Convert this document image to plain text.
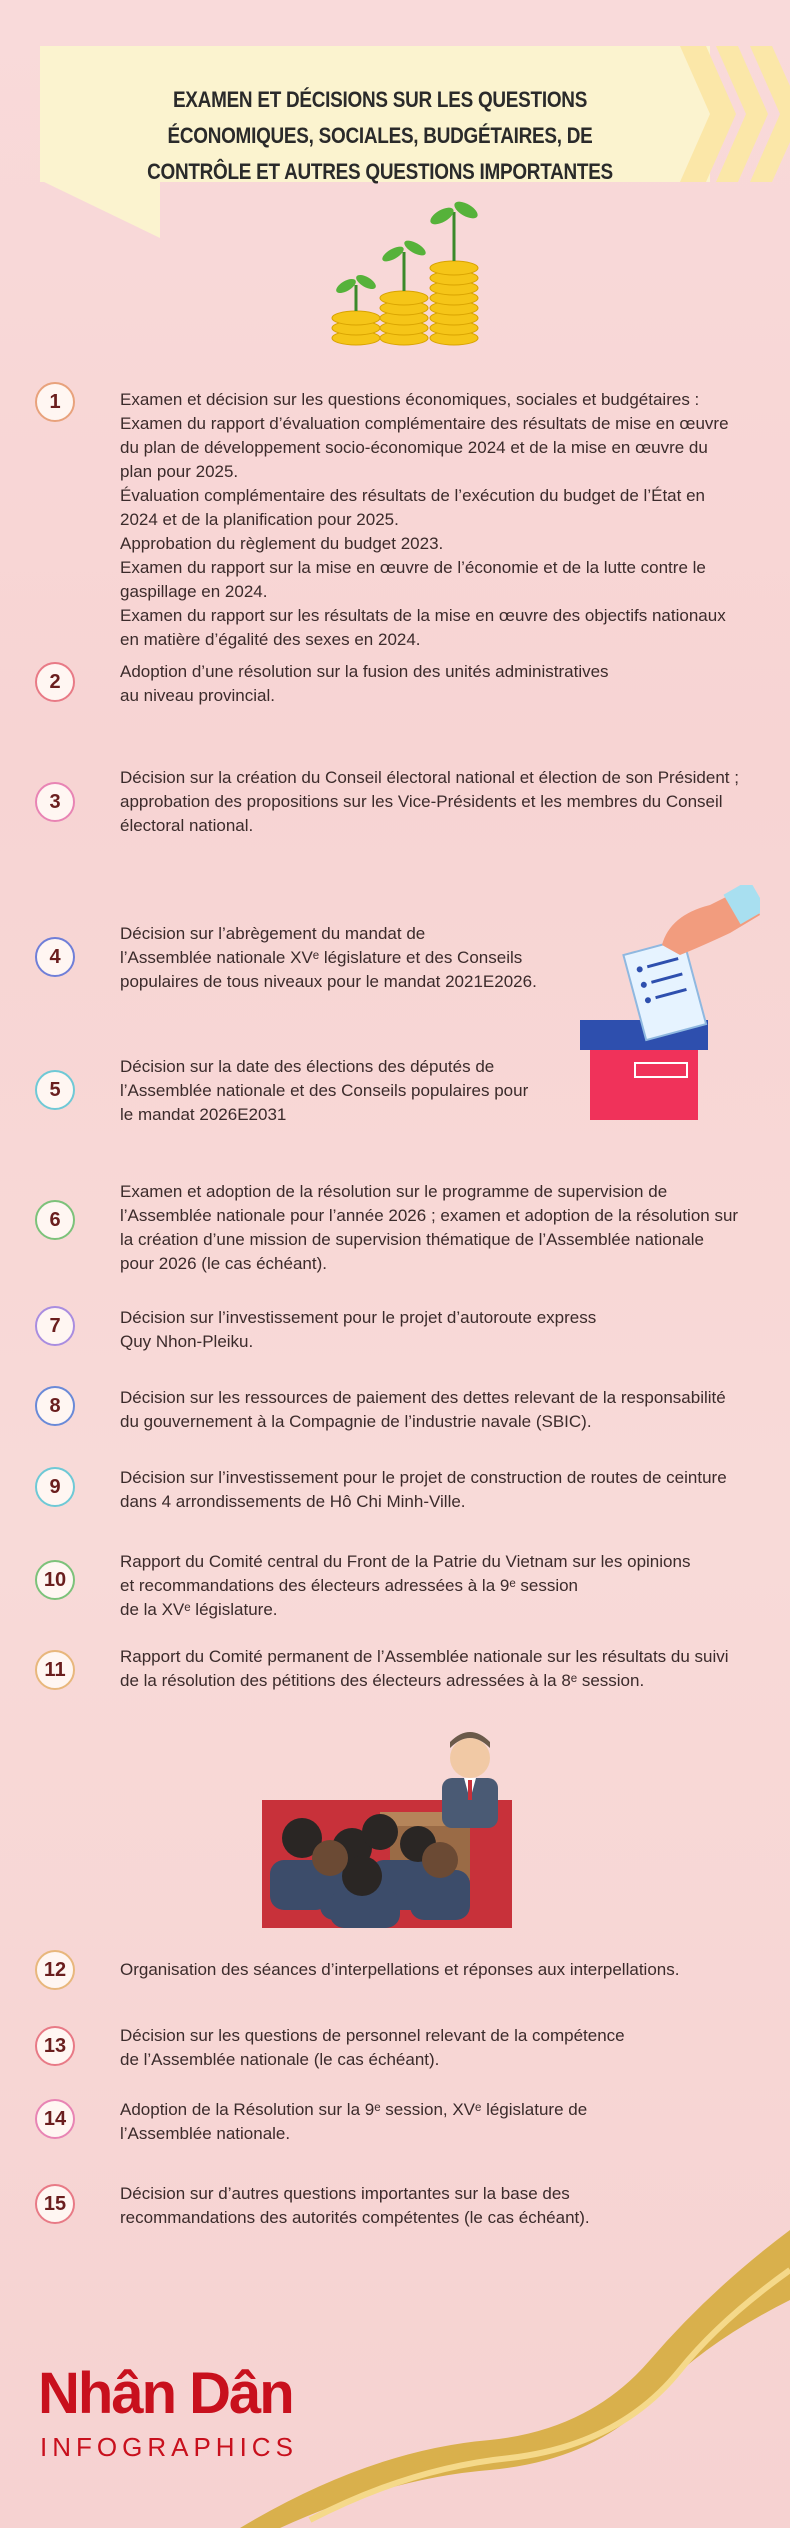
EXAMEN ET DÉCISIONS SUR LES QUESTIONS ÉCONOMIQUES, SOCIALES, BUDGÉTAIRES, DE CONTRÔLE ET AUTRES QUESTIONS IMPORTANTES
1	Examen et décision sur les questions économiques, sociales et budgétaires :
Examen du rapport d’évaluation complémentaire des résultats de mise en œuvre du plan de développement socio-économique 2024 et de la mise en œuvre du plan pour 2025.
Évaluation complémentaire des résultats de l’exécution du budget de l’État en 2024 et de la planification pour 2025.
Approbation du règlement du budget 2023.
Examen du rapport sur la mise en œuvre de l’économie et de la lutte contre le gaspillage en 2024.
Examen du rapport sur les résultats de la mise en œuvre des objectifs nationaux en matière d’égalité des sexes en 2024.
2	Adoption d’une résolution sur la fusion des unités administratives
au niveau provincial.
3
Décision sur la création du Conseil électoral national et élection de son Président ; approbation des propositions sur les Vice-Présidents et les membres du Conseil électoral national.
4
Décision sur l’abrègement du mandat de
l’Assemblée nationale XVᵉ législature et des Conseils
populaires de tous niveaux pour le mandat 2021E2026.
5
Décision sur la date des élections des députés de
l’Assemblée nationale et des Conseils populaires pour
le mandat 2026E2031
6
Examen et adoption de la résolution sur le programme de supervision de l’Assemblée nationale pour l’année 2026 ; examen et adoption de la résolution sur la création d’une mission de supervision thématique de l’Assemblée nationale pour 2026 (le cas échéant).
7	Décision sur l’investissement pour le projet d’autoroute express
Quy Nhon-Pleiku.
8	Décision sur les ressources de paiement des dettes relevant de la responsabilité du gouvernement à la Compagnie de l’industrie navale (SBIC).
9	Décision sur l’investissement pour le projet de construction de routes de ceinture dans 4 arrondissements de Hô Chi Minh-Ville.
10
Rapport du Comité central du Front de la Patrie du Vietnam sur les opinions
et recommandations des électeurs adressées à la 9ᵉ session
de la XVᵉ législature.
11
Rapport du Comité permanent de l’Assemblée nationale sur les résultats du suivi de la résolution des pétitions des électeurs adressées à la 8ᵉ session.
12	Organisation des séances d’interpellations et réponses aux interpellations.
13	Décision sur les questions de personnel relevant de la compétence
de l’Assemblée nationale (le cas échéant).
14	Adoption de la Résolution sur la 9ᵉ session, XVᵉ législature de
l’Assemblée nationale.
15	Décision sur d’autres questions importantes sur la base des
recommandations des autorités compétentes (le cas échéant).
Nhân Dân
INFOGRAPHICS
